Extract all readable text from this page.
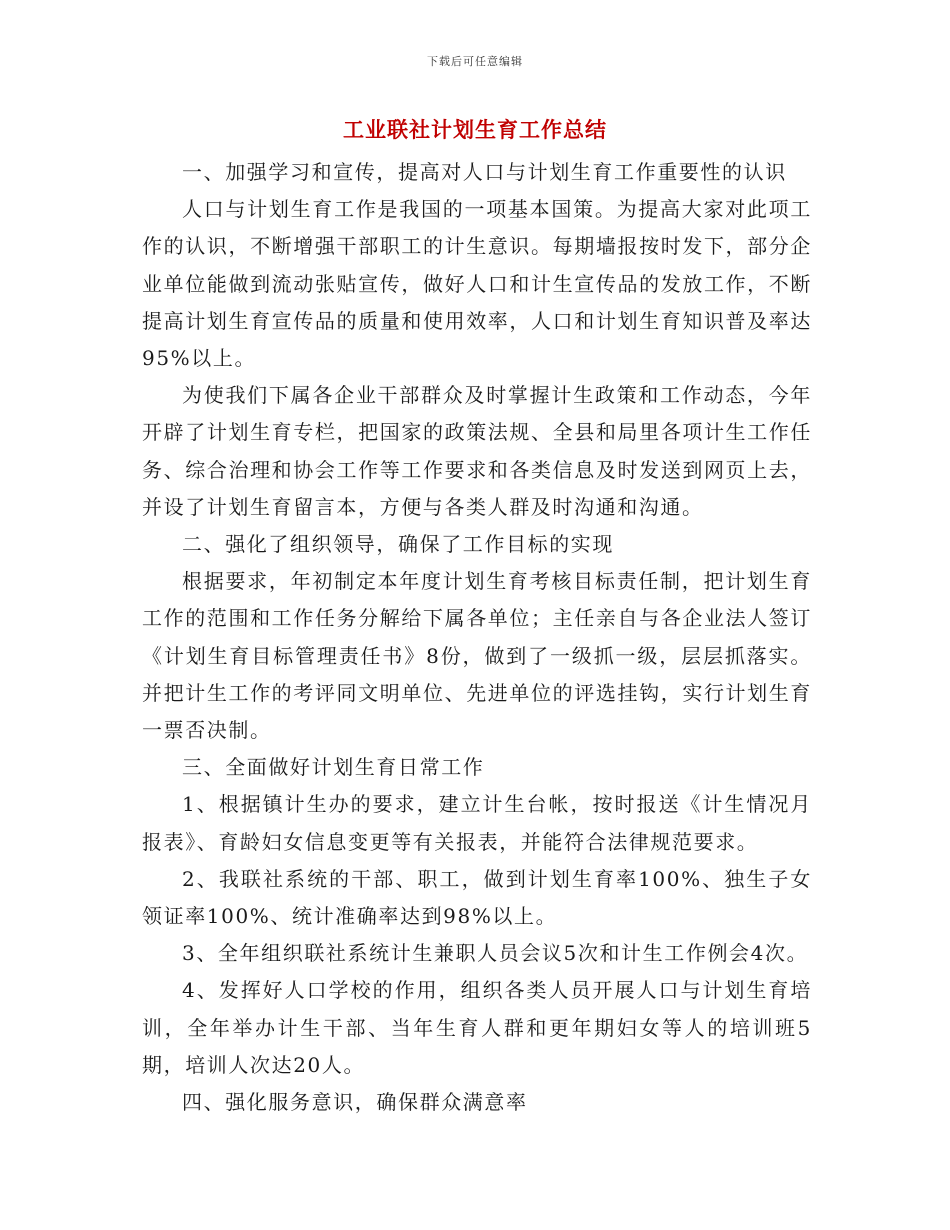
下载后可任意编辑
工业联社计划生育工作总结

一、加强学习和宣传，提高对人口与计划生育工作重要性的认识

人口与计划生育工作是我国的一项基本国策。为提高大家对此项工作的认识，不断增强干部职工的计生意识。每期墙报按时发下，部分企业单位能做到流动张贴宣传，做好人口和计生宣传品的发放工作，不断提高计划生育宣传品的质量和使用效率，人口和计划生育知识普及率达95%以上。

为使我们下属各企业干部群众及时掌握计生政策和工作动态，今年开辟了计划生育专栏，把国家的政策法规、全县和局里各项计生工作任务、综合治理和协会工作等工作要求和各类信息及时发送到网页上去，并设了计划生育留言本，方便与各类人群及时沟通和沟通。

二、强化了组织领导，确保了工作目标的实现

根据要求，年初制定本年度计划生育考核目标责任制，把计划生育工作的范围和工作任务分解给下属各单位；主任亲自与各企业法人签订《计划生育目标管理责任书》8份，做到了一级抓一级，层层抓落实。并把计生工作的考评同文明单位、先进单位的评选挂钩，实行计划生育一票否决制。

三、全面做好计划生育日常工作

1、根据镇计生办的要求，建立计生台帐，按时报送《计生情况月报表》、育龄妇女信息变更等有关报表，并能符合法律规范要求。

2、我联社系统的干部、职工，做到计划生育率100%、独生子女领证率100%、统计准确率达到98%以上。

3、全年组织联社系统计生兼职人员会议5次和计生工作例会4次。

4、发挥好人口学校的作用，组织各类人员开展人口与计划生育培训，全年举办计生干部、当年生育人群和更年期妇女等人的培训班5期，培训人次达20人。

四、强化服务意识，确保群众满意率
